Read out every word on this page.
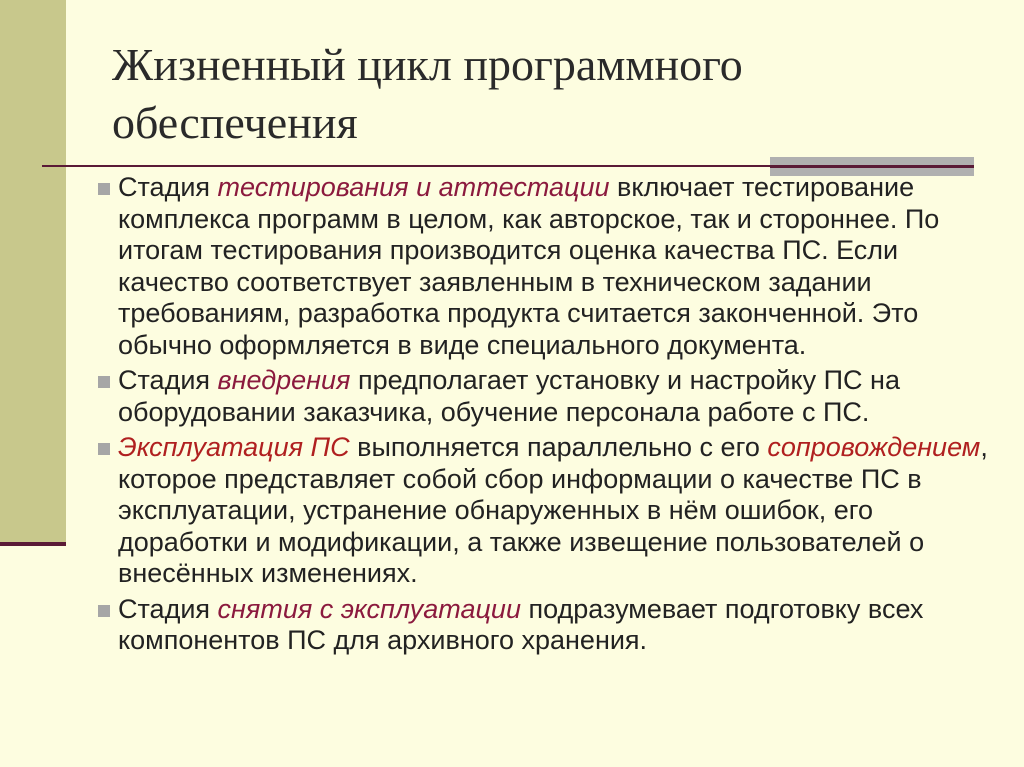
Жизненный цикл программного обеспечения
Стадия тестирования и аттестации включает тестирование комплекса программ в целом, как авторское, так и стороннее. По итогам тестирования производится оценка качества ПС. Если качество соответствует заявленным в техническом задании требованиям, разработка продукта считается законченной. Это обычно оформляется в виде специального документа.
Стадия внедрения предполагает установку и настройку ПС на оборудовании заказчика, обучение персонала работе с ПС.
Эксплуатация ПС выполняется параллельно с его сопровождением, которое представляет собой сбор информации о качестве ПС в эксплуатации, устранение обнаруженных в нём ошибок, его доработки и модификации, а также извещение пользователей о внесённых изменениях.
Стадия снятия с эксплуатации подразумевает подготовку всех компонентов ПС для архивного хранения.
